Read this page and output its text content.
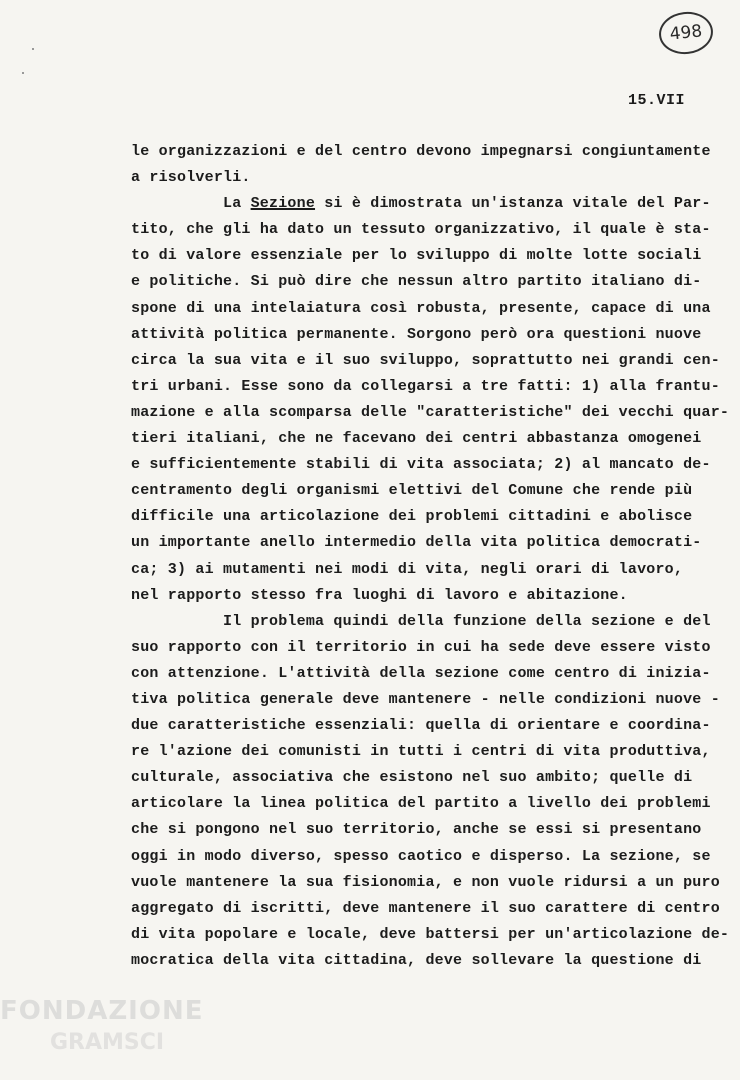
498
15.VII
le organizzazioni e del centro devono impegnarsi congiuntamente
a risolverli.
La Sezione si è dimostrata un'istanza vitale del Par-
tito, che gli ha dato un tessuto organizzativo, il quale è sta-
to di valore essenziale per lo sviluppo di molte lotte sociali
e politiche. Si può dire che nessun altro partito italiano di-
spone di una intelaiatura così robusta, presente, capace di una
attività politica permanente. Sorgono però ora questioni nuove
circa la sua vita e il suo sviluppo, soprattutto nei grandi cen-
tri urbani. Esse sono da collegarsi a tre fatti: 1) alla frantu-
mazione e alla scomparsa delle "caratteristiche" dei vecchi quar-
tieri italiani, che ne facevano dei centri abbastanza omogenei
e sufficientemente stabili di vita associata; 2) al mancato de-
centramento degli organismi elettivi del Comune che rende più
difficile una articolazione dei problemi cittadini e abolisce
un importante anello intermedio della vita politica democrati-
ca; 3) ai mutamenti nei modi di vita, negli orari di lavoro,
nel rapporto stesso fra luoghi di lavoro e abitazione.
Il problema quindi della funzione della sezione e del
suo rapporto con il territorio in cui ha sede deve essere visto
con attenzione. L'attività della sezione come centro di inizia-
tiva politica generale deve mantenere - nelle condizioni nuove -
due caratteristiche essenziali: quella di orientare e coordina-
re l'azione dei comunisti in tutti i centri di vita produttiva,
culturale, associativa che esistono nel suo ambito; quelle di
articolare la linea politica del partito a livello dei problemi
che si pongono nel suo territorio, anche se essi si presentano
oggi in modo diverso, spesso caotico e disperso. La sezione, se
vuole mantenere la sua fisionomia, e non vuole ridursi a un puro
aggregato di iscritti, deve mantenere il suo carattere di centro
di vita popolare e locale, deve battersi per un'articolazione de-
mocratica della vita cittadina, deve sollevare la questione di
FONDAZIONE
GRAMSCI
